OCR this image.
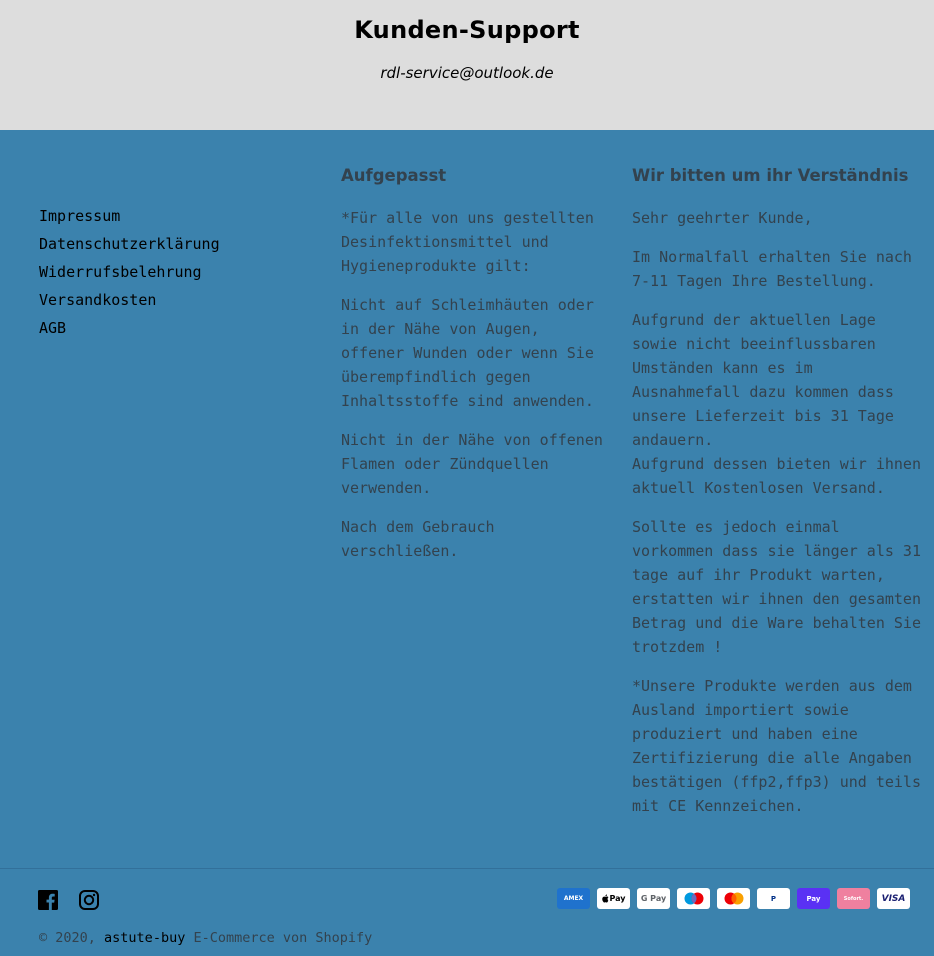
Kunden-Support
rdl-service@outlook.de
Impressum
Datenschutzerklärung
Widerrufsbelehrung
Versandkosten
AGB
Aufgepasst

*Für alle von uns gestellten Desinfektionsmittel und Hygieneprodukte gilt:

Nicht auf Schleimhäuten oder in der Nähe von Augen, offener Wunden oder wenn Sie überempfindlich gegen Inhaltsstoffe sind anwenden.

Nicht in der Nähe von offenen Flamen oder Zündquellen verwenden.

Nach dem Gebrauch verschließen.

Wir bitten um ihr Verständnis

Sehr geehrter Kunde,

Im Normalfall erhalten Sie nach 7-11 Tagen Ihre Bestellung.

Aufgrund der aktuellen Lage sowie nicht beeinflussbaren Umständen kann es im Ausnahmefall dazu kommen dass unsere Lieferzeit bis 31 Tage andauern.
Aufgrund dessen bieten wir ihnen aktuell Kostenlosen Versand.

Sollte es jedoch einmal vorkommen dass sie länger als 31 tage auf ihr Produkt warten, erstatten wir ihnen den gesamten Betrag und die Ware behalten Sie trotzdem !

*Unsere Produkte werden aus dem Ausland importiert sowie produziert und haben eine Zertifizierung die alle Angaben bestätigen (ffp2,ffp3) und teils mit CE Kennzeichen.

AMEX	Pay	G Pay	P	Pay	Sofort.	VISA
© 2020, astute-buy E-Commerce von Shopify
